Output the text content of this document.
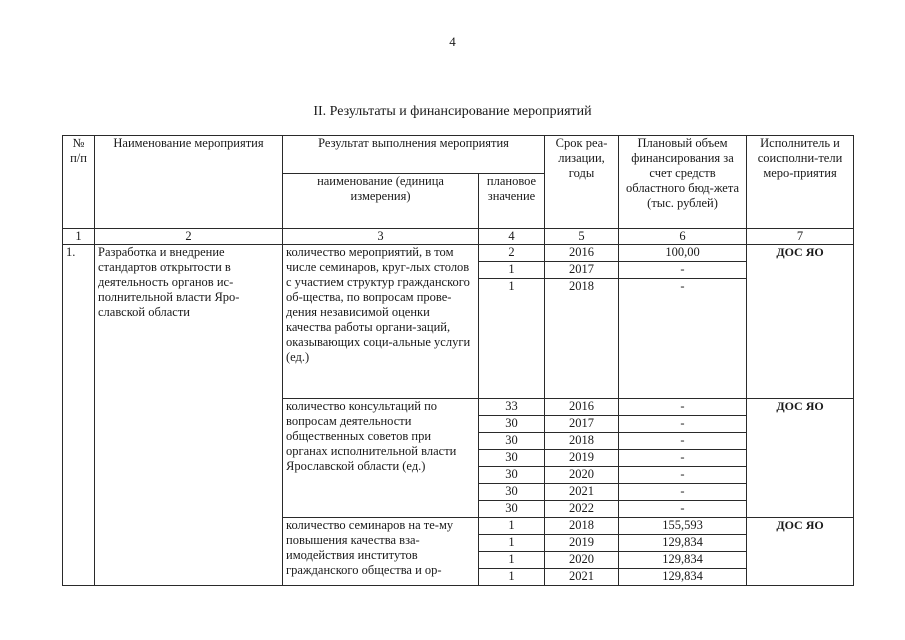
4
II. Результаты и финансирование мероприятий
№ п/п	Наименование мероприятия	Результат выполнения мероприятия		Срок реа-лизации, годы	Плановый объем финансирования за счет средств областного бюд-жета (тыс. рублей)	Исполнитель и соисполни-тели меро-приятия
		наименование (единица измерения)	плановое значение			
1	2	3	4	5	6	7
1.	Разработка и внедрение стандартов открытости в деятельность органов ис-полнительной власти Яро-славской области	количество мероприятий, в том числе семинаров, круг-лых столов с участием структур гражданского об-щества, по вопросам прове-дения независимой оценки качества работы органи-заций, оказывающих соци-альные услуги (ед.)	2	2016	100,00	ДОС ЯО
			1	2017	-	
			1	2018	-	
		количество консультаций по вопросам деятельности общественных советов при органах исполнительной власти Ярославской области (ед.)	33	2016	-	ДОС ЯО
			30	2017	-	
			30	2018	-	
			30	2019	-	
			30	2020	-	
			30	2021	-	
			30	2022	-	
		количество семинаров на те-му повышения качества вза-имодействия институтов гражданского общества и ор-	1	2018	155,593	ДОС ЯО
			1	2019	129,834	
			1	2020	129,834	
			1	2021	129,834	
